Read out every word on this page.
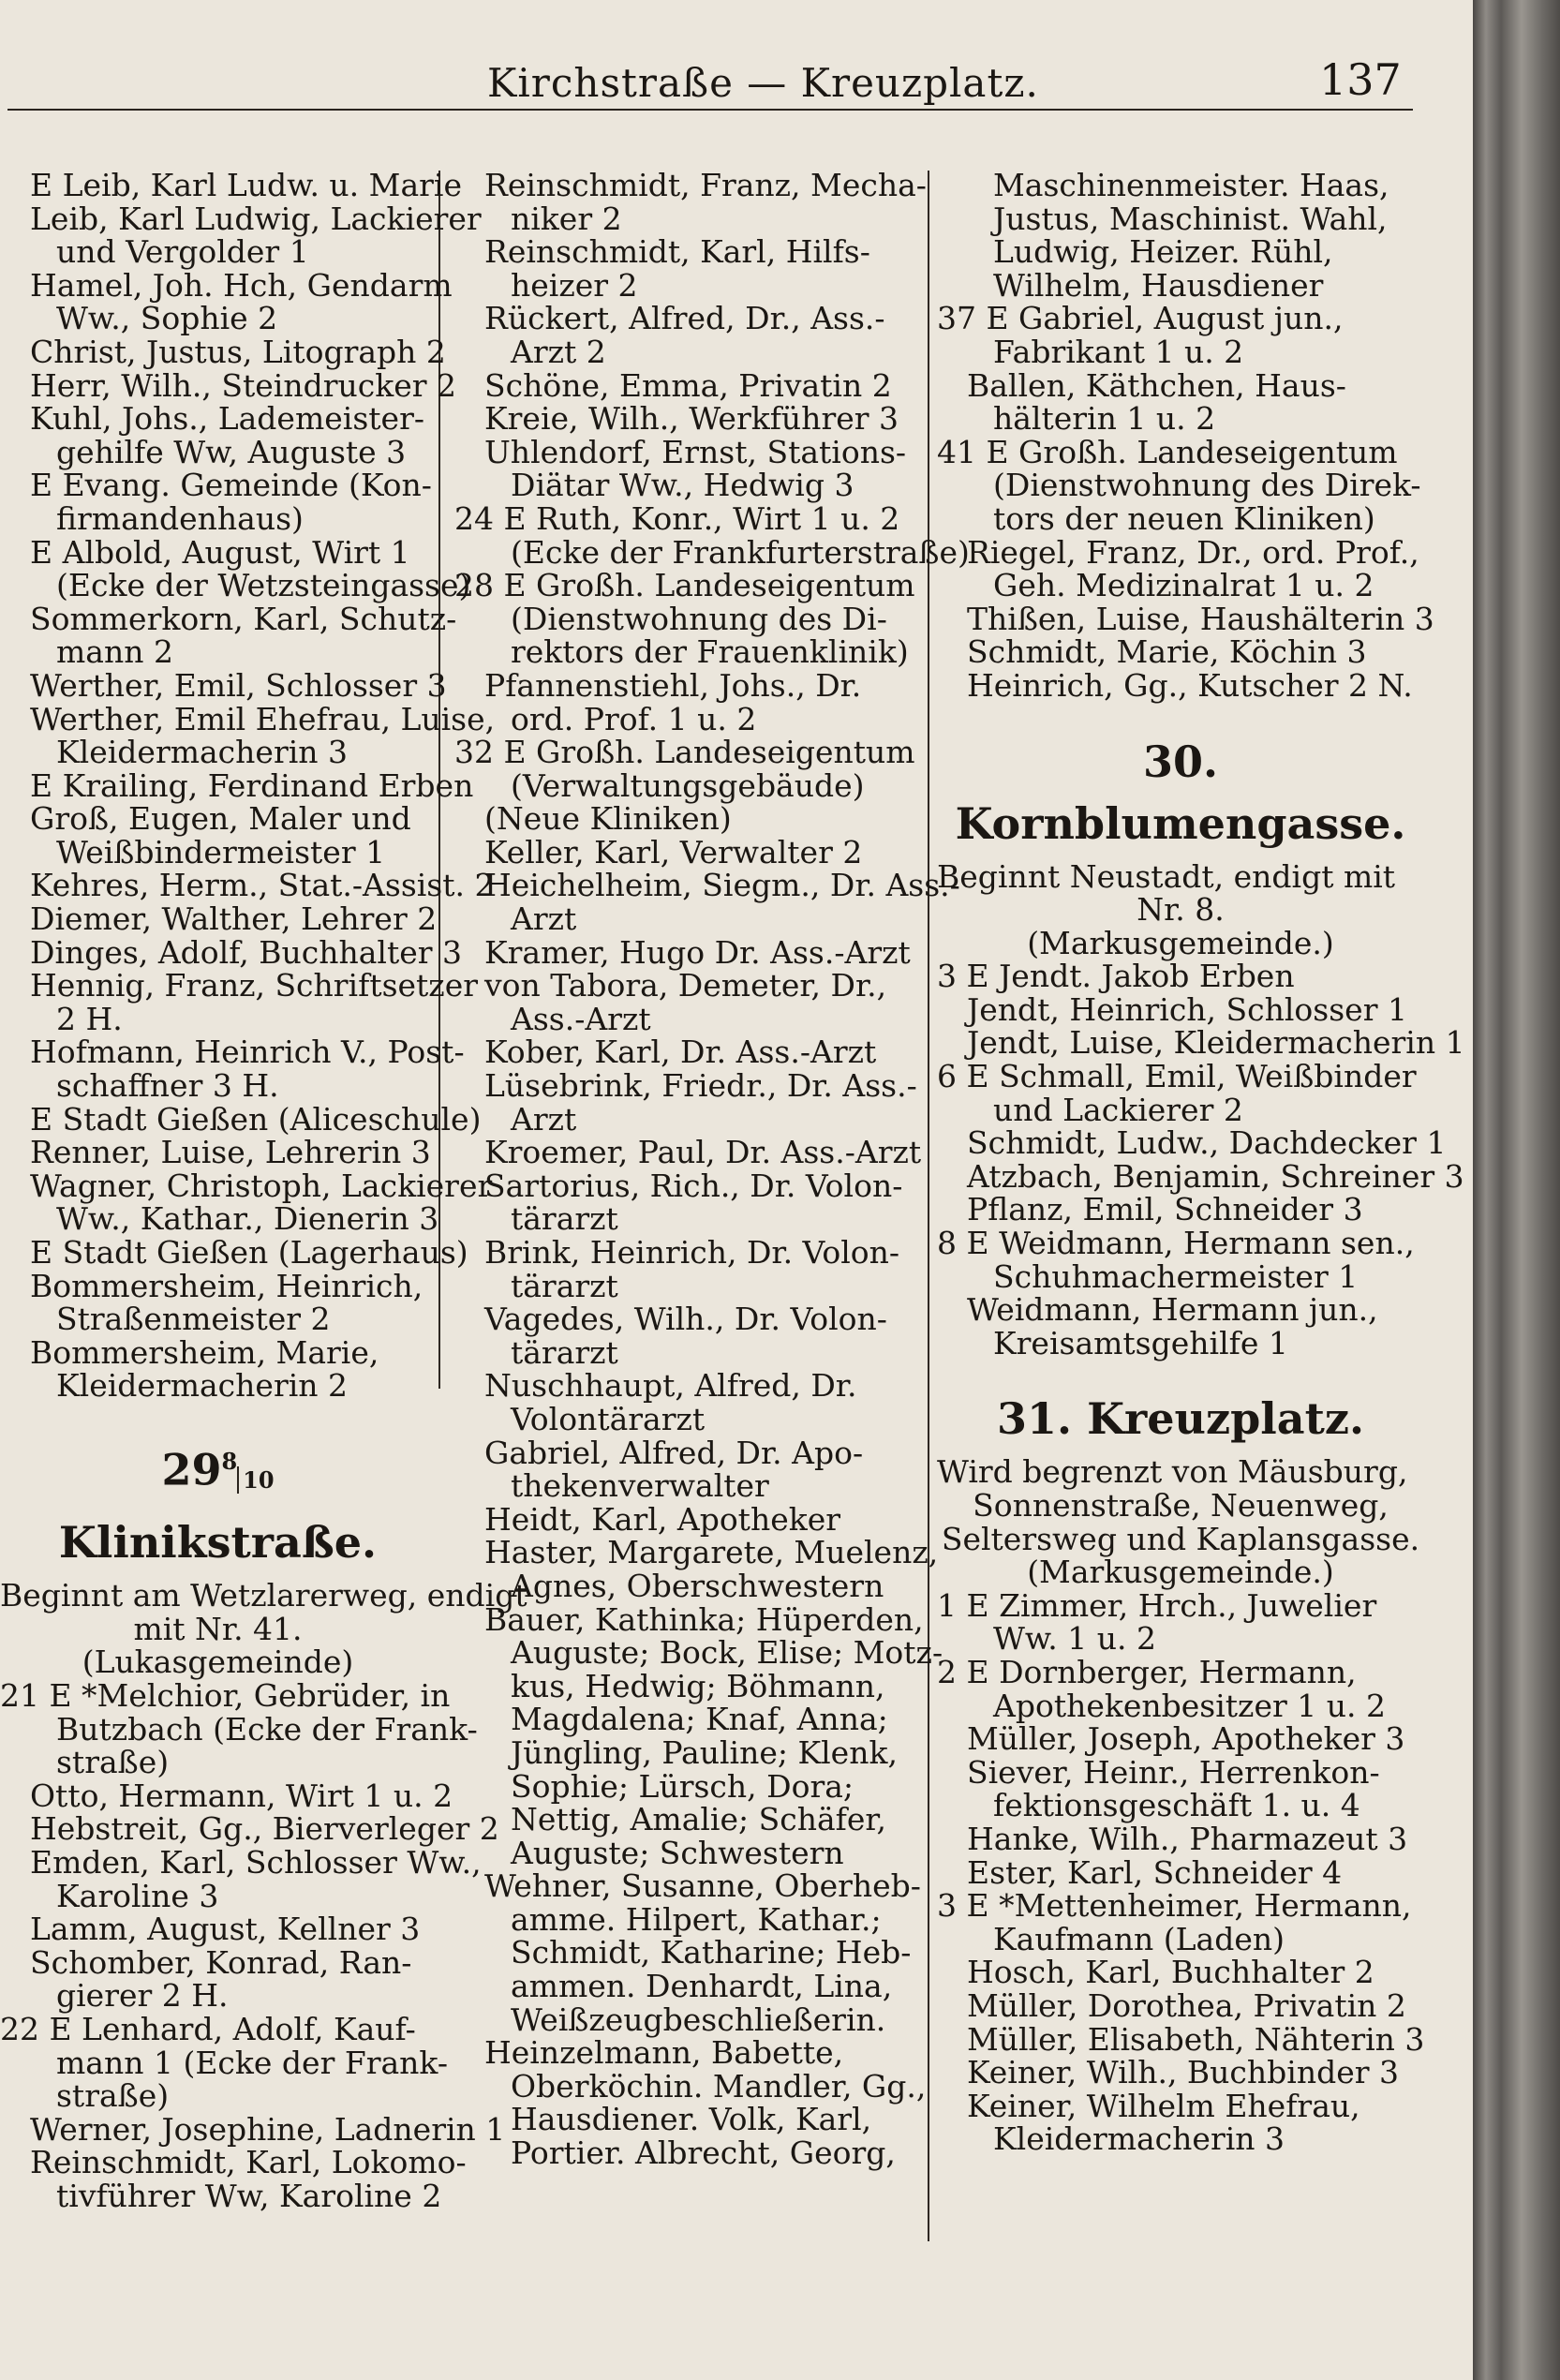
Kirchstraße — Kreuzplatz.	137
E Leib, Karl Ludw. u. Marie
Leib, Karl Ludwig, Lackierer
und Vergolder 1
Hamel, Joh. Hch, Gendarm
Ww., Sophie 2
Christ, Justus, Litograph 2
Herr, Wilh., Steindrucker 2
Kuhl, Johs., Lademeister-
gehilfe Ww, Auguste 3
E Evang. Gemeinde (Kon-
firmandenhaus)
E Albold, August, Wirt 1
(Ecke der Wetzsteingasse)
Sommerkorn, Karl, Schutz-
mann 2
Werther, Emil, Schlosser 3
Werther, Emil Ehefrau, Luise,
Kleidermacherin 3
E Krailing, Ferdinand Erben
Groß, Eugen, Maler und
Weißbindermeister 1
Kehres, Herm., Stat.-Assist. 2
Diemer, Walther, Lehrer 2
Dinges, Adolf, Buchhalter 3
Hennig, Franz, Schriftsetzer
2 H.
Hofmann, Heinrich V., Post-
schaffner 3 H.
E Stadt Gießen (Aliceschule)
Renner, Luise, Lehrerin 3
Wagner, Christoph, Lackierer
Ww., Kathar., Dienerin 3
E Stadt Gießen (Lagerhaus)
Bommersheim, Heinrich,
Straßenmeister 2
Bommersheim, Marie,
Kleidermacherin 2
$29^810$ Klinikstraße.
Beginnt am Wetzlarerweg, endigt
mit Nr. 41.
(Lukasgemeinde)
21 E *Melchior, Gebrüder, in
Butzbach (Ecke der Frank-
straße)
Otto, Hermann, Wirt 1 u. 2
Hebstreit, Gg., Bierverleger 2
Emden, Karl, Schlosser Ww.,
Karoline 3
Lamm, August, Kellner 3
Schomber, Konrad, Ran-
gierer 2 H.
22 E Lenhard, Adolf, Kauf-
mann 1 (Ecke der Frank-
straße)
Werner, Josephine, Ladnerin 1
Reinschmidt, Karl, Lokomo-
tivführer Ww, Karoline 2
Reinschmidt, Franz, Mecha-
niker 2
Reinschmidt, Karl, Hilfs-
heizer 2
Rückert, Alfred, Dr., Ass.-
Arzt 2
Schöne, Emma, Privatin 2
Kreie, Wilh., Werkführer 3
Uhlendorf, Ernst, Stations-
Diätar Ww., Hedwig 3
24 E Ruth, Konr., Wirt 1 u. 2
(Ecke der Frankfurterstraße)
28 E Großh. Landeseigentum
(Dienstwohnung des Di-
rektors der Frauenklinik)
Pfannenstiehl, Johs., Dr.
ord. Prof. 1 u. 2
32 E Großh. Landeseigentum
(Verwaltungsgebäude)
(Neue Kliniken)
Keller, Karl, Verwalter 2
Heichelheim, Siegm., Dr. Ass.-
Arzt
Kramer, Hugo Dr. Ass.-Arzt
von Tabora, Demeter, Dr.,
Ass.-Arzt
Kober, Karl, Dr. Ass.-Arzt
Lüsebrink, Friedr., Dr. Ass.-
Arzt
Kroemer, Paul, Dr. Ass.-Arzt
Sartorius, Rich., Dr. Volon-
tärarzt
Brink, Heinrich, Dr. Volon-
tärarzt
Vagedes, Wilh., Dr. Volon-
tärarzt
Nuschhaupt, Alfred, Dr.
Volontärarzt
Gabriel, Alfred, Dr. Apo-
thekenverwalter
Heidt, Karl, Apotheker
Haster, Margarete, Muelenz,
Agnes, Oberschwestern
Bauer, Kathinka; Hüperden,
Auguste; Bock, Elise; Motz-
kus, Hedwig; Böhmann,
Magdalena; Knaf, Anna;
Jüngling, Pauline; Klenk,
Sophie; Lürsch, Dora;
Nettig, Amalie; Schäfer,
Auguste; Schwestern
Wehner, Susanne, Oberheb-
amme. Hilpert, Kathar.;
Schmidt, Katharine; Heb-
ammen. Denhardt, Lina,
Weißzeugbeschließerin.
Heinzelmann, Babette,
Oberköchin. Mandler, Gg.,
Hausdiener. Volk, Karl,
Portier. Albrecht, Georg,
Maschinenmeister. Haas,
Justus, Maschinist. Wahl,
Ludwig, Heizer. Rühl,
Wilhelm, Hausdiener
37 E Gabriel, August jun.,
Fabrikant 1 u. 2
Ballen, Käthchen, Haus-
hälterin 1 u. 2
41 E Großh. Landeseigentum
(Dienstwohnung des Direk-
tors der neuen Kliniken)
Riegel, Franz, Dr., ord. Prof.,
Geh. Medizinalrat 1 u. 2
Thißen, Luise, Haushälterin 3
Schmidt, Marie, Köchin 3
Heinrich, Gg., Kutscher 2 N.
30. Kornblumengasse.
Beginnt Neustadt, endigt mit
Nr. 8.
(Markusgemeinde.)
3 E Jendt. Jakob Erben
Jendt, Heinrich, Schlosser 1
Jendt, Luise, Kleidermacherin 1
6 E Schmall, Emil, Weißbinder
und Lackierer 2
Schmidt, Ludw., Dachdecker 1
Atzbach, Benjamin, Schreiner 3
Pflanz, Emil, Schneider 3
8 E Weidmann, Hermann sen.,
Schuhmachermeister 1
Weidmann, Hermann jun.,
Kreisamtsgehilfe 1
31. Kreuzplatz.
Wird begrenzt von Mäusburg,
Sonnenstraße, Neuenweg,
Seltersweg und Kaplansgasse.
(Markusgemeinde.)
1 E Zimmer, Hrch., Juwelier
Ww. 1 u. 2
2 E Dornberger, Hermann,
Apothekenbesitzer 1 u. 2
Müller, Joseph, Apotheker 3
Siever, Heinr., Herrenkon-
fektionsgeschäft 1. u. 4
Hanke, Wilh., Pharmazeut 3
Ester, Karl, Schneider 4
3 E *Mettenheimer, Hermann,
Kaufmann (Laden)
Hosch, Karl, Buchhalter 2
Müller, Dorothea, Privatin 2
Müller, Elisabeth, Nähterin 3
Keiner, Wilh., Buchbinder 3
Keiner, Wilhelm Ehefrau,
Kleidermacherin 3
